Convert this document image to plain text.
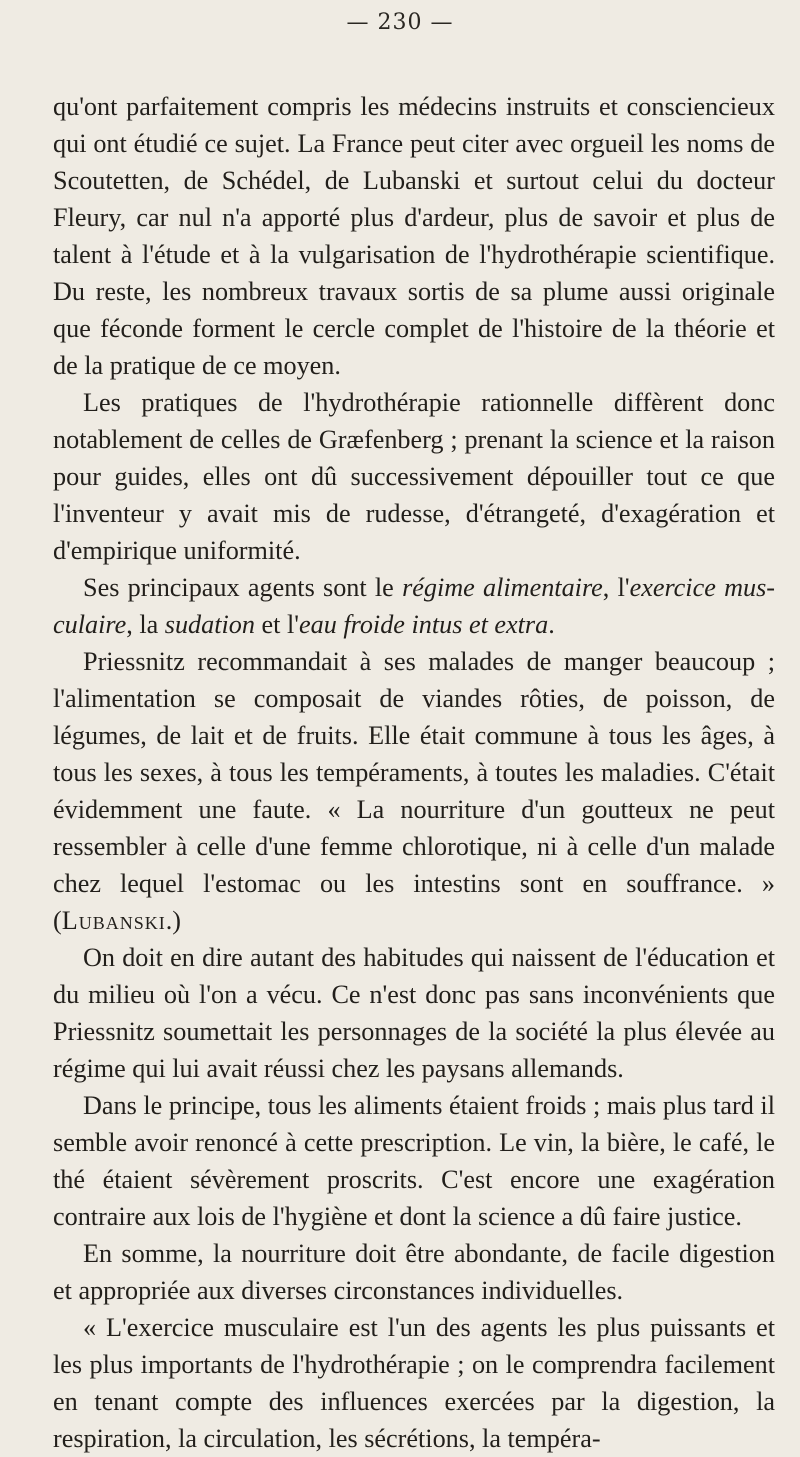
— 230 —

qu'ont parfaitement compris les médecins instruits et consciencieux qui ont étudié ce sujet. La France peut citer avec orgueil les noms de Scoutetten, de Schédel, de Lubanski et surtout celui du docteur Fleury, car nul n'a apporté plus d'ardeur, plus de savoir et plus de talent à l'étude et à la vulgarisation de l'hydrothérapie scientifique. Du reste, les nombreux travaux sortis de sa plume aussi originale que féconde forment le cercle complet de l'histoire de la théorie et de la pratique de ce moyen.

Les pratiques de l'hydrothérapie rationnelle diffèrent donc notablement de celles de Græfenberg ; prenant la science et la raison pour guides, elles ont dû successivement dépouiller tout ce que l'inventeur y avait mis de rudesse, d'étrangeté, d'exagération et d'empirique uniformité.

Ses principaux agents sont le régime alimentaire, l'exercice musculaire, la sudation et l'eau froide intus et extra.

Priessnitz recommandait à ses malades de manger beaucoup ; l'alimentation se composait de viandes rôties, de poisson, de légumes, de lait et de fruits. Elle était commune à tous les âges, à tous les sexes, à tous les tempéraments, à toutes les maladies. C'était évidemment une faute. « La nourriture d'un goutteux ne peut ressembler à celle d'une femme chlorotique, ni à celle d'un malade chez lequel l'estomac ou les intestins sont en souffrance. » (Lubanski.)

On doit en dire autant des habitudes qui naissent de l'éducation et du milieu où l'on a vécu. Ce n'est donc pas sans inconvénients que Priessnitz soumettait les personnages de la société la plus élevée au régime qui lui avait réussi chez les paysans allemands.

Dans le principe, tous les aliments étaient froids ; mais plus tard il semble avoir renoncé à cette prescription. Le vin, la bière, le café, le thé étaient sévèrement proscrits. C'est encore une exagération contraire aux lois de l'hygiène et dont la science a dû faire justice.

En somme, la nourriture doit être abondante, de facile digestion et appropriée aux diverses circonstances individuelles.

« L'exercice musculaire est l'un des agents les plus puissants et les plus importants de l'hydrothérapie ; on le comprendra facilement en tenant compte des influences exercées par la digestion, la respiration, la circulation, les sécrétions, la tempéra-
